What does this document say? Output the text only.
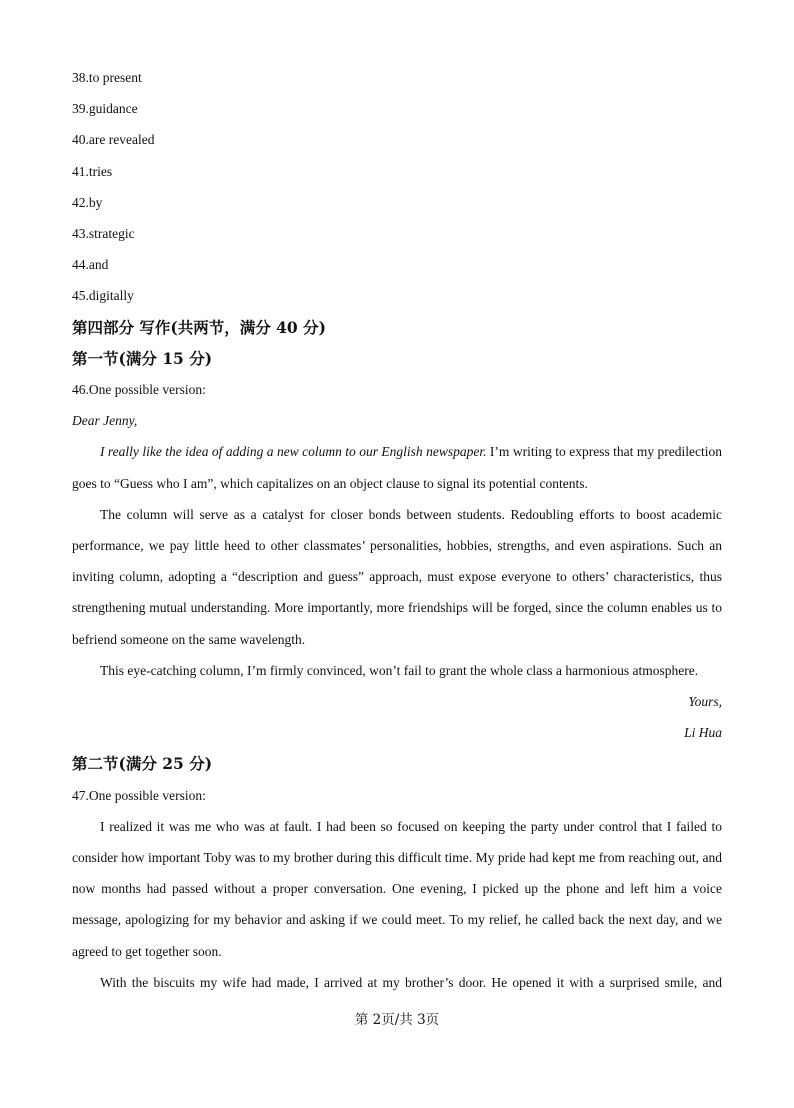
38.to present

39.guidance

40.are revealed

41.tries

42.by

43.strategic

44.and

45.digitally

第四部分 写作(共两节，满分 40 分)

第一节(满分 15 分)

46.One possible version:

Dear Jenny,

I really like the idea of adding a new column to our English newspaper. I’m writing to express that my predilection goes to “Guess who I am”, which capitalizes on an object clause to signal its potential contents.

The column will serve as a catalyst for closer bonds between students. Redoubling efforts to boost academic performance, we pay little heed to other classmates’ personalities, hobbies, strengths, and even aspirations. Such an inviting column, adopting a “description and guess” approach, must expose everyone to others’ characteristics, thus strengthening mutual understanding. More importantly, more friendships will be forged, since the column enables us to befriend someone on the same wavelength.

This eye-catching column, I’m firmly convinced, won’t fail to grant the whole class a harmonious atmosphere.

Yours,

Li Hua

第二节(满分 25 分)

47.One possible version:

I realized it was me who was at fault. I had been so focused on keeping the party under control that I failed to consider how important Toby was to my brother during this difficult time. My pride had kept me from reaching out, and now months had passed without a proper conversation. One evening, I picked up the phone and left him a voice message, apologizing for my behavior and asking if we could meet. To my relief, he called back the next day, and we agreed to get together soon.

With the biscuits my wife had made, I arrived at my brother’s door. He opened it with a surprised smile, and

第 2页/共 3页
